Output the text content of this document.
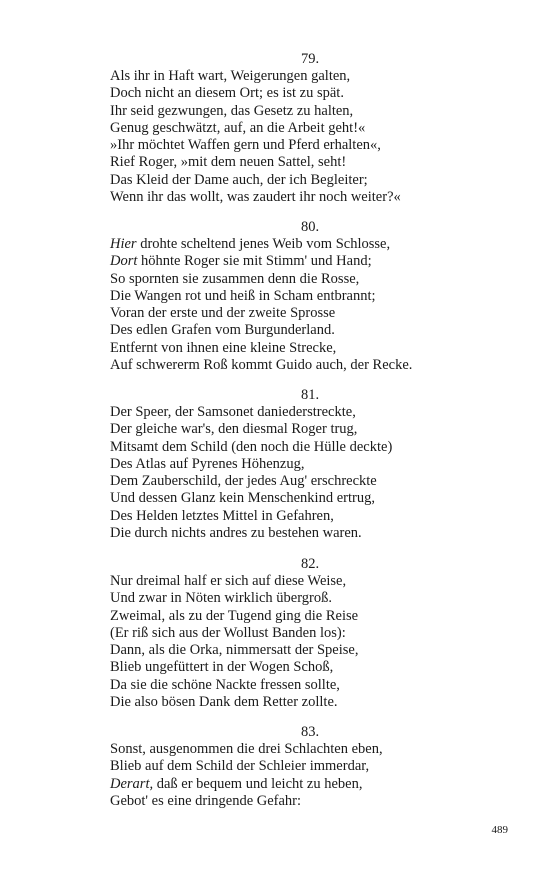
79.
Als ihr in Haft wart, Weigerungen galten,
Doch nicht an diesem Ort; es ist zu spät.
Ihr seid gezwungen, das Gesetz zu halten,
Genug geschwätzt, auf, an die Arbeit geht!«
»Ihr möchtet Waffen gern und Pferd erhalten«,
Rief Roger, »mit dem neuen Sattel, seht!
Das Kleid der Dame auch, der ich Begleiter;
Wenn ihr das wollt, was zaudert ihr noch weiter?«
80.
Hier drohte scheltend jenes Weib vom Schlosse,
Dort höhnte Roger sie mit Stimm' und Hand;
So spornten sie zusammen denn die Rosse,
Die Wangen rot und heiß in Scham entbrannt;
Voran der erste und der zweite Sprosse
Des edlen Grafen vom Burgunderland.
Entfernt von ihnen eine kleine Strecke,
Auf schwererm Roß kommt Guido auch, der Recke.
81.
Der Speer, der Samsonet daniederstreckte,
Der gleiche war's, den diesmal Roger trug,
Mitsamt dem Schild (den noch die Hülle deckte)
Des Atlas auf Pyrenes Höhenzug,
Dem Zauberschild, der jedes Aug' erschreckte
Und dessen Glanz kein Menschenkind ertrug,
Des Helden letztes Mittel in Gefahren,
Die durch nichts andres zu bestehen waren.
82.
Nur dreimal half er sich auf diese Weise,
Und zwar in Nöten wirklich übergroß.
Zweimal, als zu der Tugend ging die Reise
(Er riß sich aus der Wollust Banden los):
Dann, als die Orka, nimmersatt der Speise,
Blieb ungefüttert in der Wogen Schoß,
Da sie die schöne Nackte fressen sollte,
Die also bösen Dank dem Retter zollte.
83.
Sonst, ausgenommen die drei Schlachten eben,
Blieb auf dem Schild der Schleier immerdar,
Derart, daß er bequem und leicht zu heben,
Gebot' es eine dringende Gefahr:
489
